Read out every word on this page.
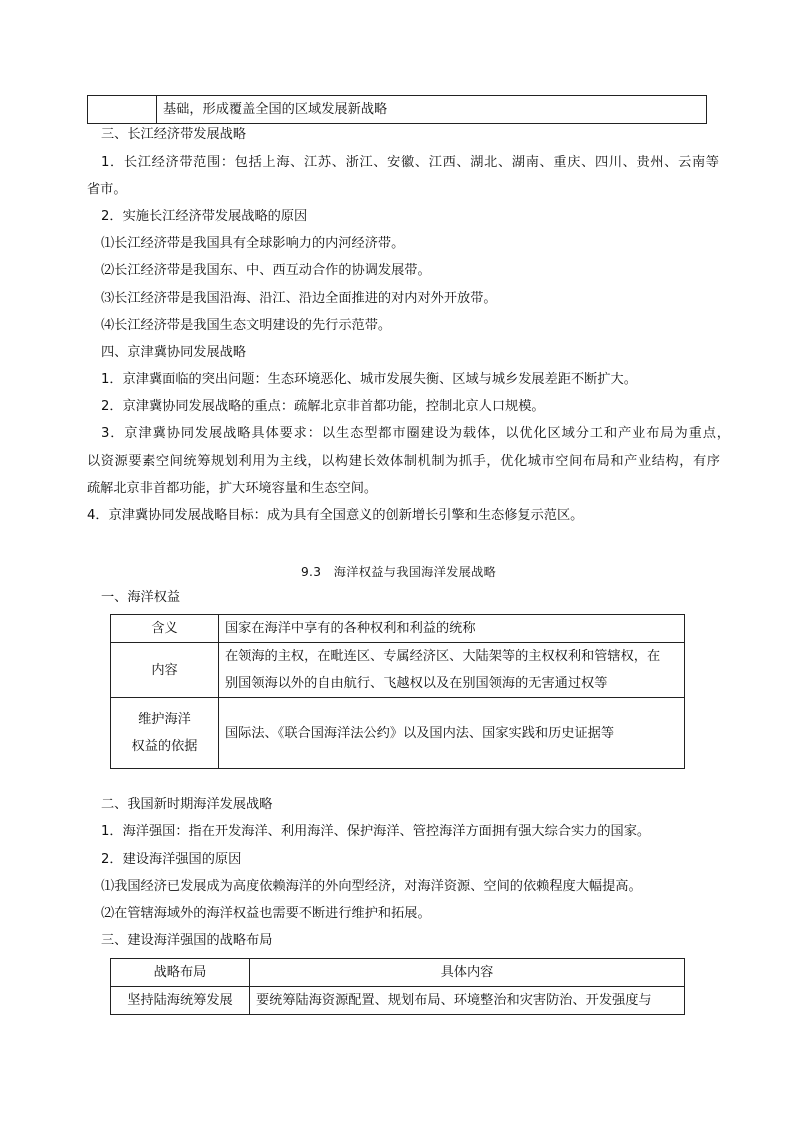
	基础，形成覆盖全国的区域发展新战略
三、长江经济带发展战略
1．长江经济带范围：包括上海、江苏、浙江、安徽、江西、湖北、湖南、重庆、四川、贵州、云南等
省市。
2．实施长江经济带发展战略的原因
⑴长江经济带是我国具有全球影响力的内河经济带。
⑵长江经济带是我国东、中、西互动合作的协调发展带。
⑶长江经济带是我国沿海、沿江、沿边全面推进的对内对外开放带。
⑷长江经济带是我国生态文明建设的先行示范带。
四、京津冀协同发展战略
1．京津冀面临的突出问题：生态环境恶化、城市发展失衡、区域与城乡发展差距不断扩大。
2．京津冀协同发展战略的重点：疏解北京非首都功能，控制北京人口规模。
3．京津冀协同发展战略具体要求：以生态型都市圈建设为载体，以优化区域分工和产业布局为重点，
以资源要素空间统筹规划利用为主线，以构建长效体制机制为抓手，优化城市空间布局和产业结构，有序
疏解北京非首都功能，扩大环境容量和生态空间。
4．京津冀协同发展战略目标：成为具有全国意义的创新增长引擎和生态修复示范区。
9.3　海洋权益与我国海洋发展战略
一、海洋权益
含义	国家在海洋中享有的各种权利和利益的统称
内容	在领海的主权，在毗连区、专属经济区、大陆架等的主权权利和管辖权，在
别国领海以外的自由航行、飞越权以及在别国领海的无害通过权等

维护海洋
权益的依据	国际法、《联合国海洋法公约》以及国内法、国家实践和历史证据等
二、我国新时期海洋发展战略
1．海洋强国：指在开发海洋、利用海洋、保护海洋、管控海洋方面拥有强大综合实力的国家。
2．建设海洋强国的原因
⑴我国经济已发展成为高度依赖海洋的外向型经济，对海洋资源、空间的依赖程度大幅提高。
⑵在管辖海域外的海洋权益也需要不断进行维护和拓展。
三、建设海洋强国的战略布局
战略布局	具体内容
坚持陆海统筹发展	要统筹陆海资源配置、规划布局、环境整治和灾害防治、开发强度与
